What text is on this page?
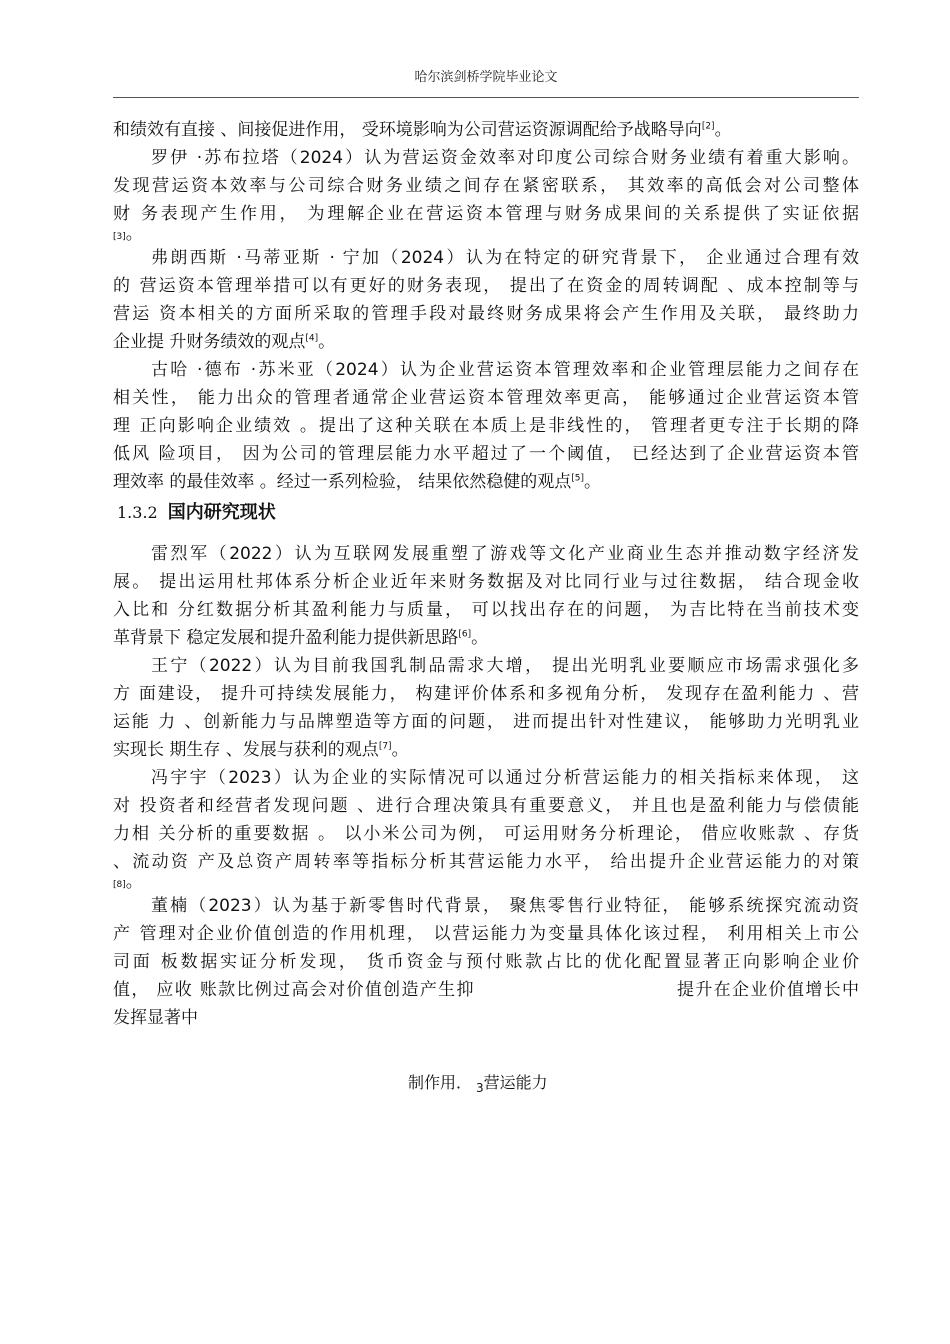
哈尔滨剑桥学院毕业论文
和绩效有直接 、间接促进作用， 受环境影响为公司营运资源调配给予战略导向[2]。
罗伊 ·苏布拉塔（2024）认为营运资金效率对印度公司综合财务业绩有着重大影响。
发现营运资本效率与公司综合财务业绩之间存在紧密联系， 其效率的高低会对公司整体
财 务表现产生作用， 为理解企业在营运资本管理与财务成果间的关系提供了实证依据
[3]。
弗朗西斯 ·马蒂亚斯 · 宁加（2024）认为在特定的研究背景下， 企业通过合理有效
的 营运资本管理举措可以有更好的财务表现， 提出了在资金的周转调配 、成本控制等与
营运 资本相关的方面所采取的管理手段对最终财务成果将会产生作用及关联， 最终助力
企业提 升财务绩效的观点[4]。
古哈 ·德布 ·苏米亚（2024）认为企业营运资本管理效率和企业管理层能力之间存在
相关性， 能力出众的管理者通常企业营运资本管理效率更高， 能够通过企业营运资本管
理 正向影响企业绩效 。提出了这种关联在本质上是非线性的， 管理者更专注于长期的降
低风 险项目， 因为公司的管理层能力水平超过了一个阈值， 已经达到了企业营运资本管
理效率 的最佳效率 。经过一系列检验， 结果依然稳健的观点[5]。
1.3.2 国内研究现状
雷烈军（2022）认为互联网发展重塑了游戏等文化产业商业生态并推动数字经济发
展。 提出运用杜邦体系分析企业近年来财务数据及对比同行业与过往数据， 结合现金收
入比和 分红数据分析其盈利能力与质量， 可以找出存在的问题， 为吉比特在当前技术变
革背景下 稳定发展和提升盈利能力提供新思路[6]。
王宁（2022）认为目前我国乳制品需求大增， 提出光明乳业要顺应市场需求强化多
方 面建设， 提升可持续发展能力， 构建评价体系和多视角分析， 发现存在盈利能力 、营
运能 力 、创新能力与品牌塑造等方面的问题， 进而提出针对性建议， 能够助力光明乳业
实现长 期生存 、发展与获利的观点[7]。
冯宇宇（2023）认为企业的实际情况可以通过分析营运能力的相关指标来体现， 这
对 投资者和经营者发现问题 、进行合理决策具有重要意义， 并且也是盈利能力与偿债能
力相 关分析的重要数据 。 以小米公司为例， 可运用财务分析理论， 借应收账款 、存货
、流动资 产及总资产周转率等指标分析其营运能力水平， 给出提升企业营运能力的对策
[8]。
董楠（2023）认为基于新零售时代背景， 聚焦零售行业特征， 能够系统探究流动资
产 管理对企业价值创造的作用机理， 以营运能力为变量具体化该过程， 利用相关上市公
司面 板数据实证分析发现， 货币资金与预付账款占比的优化配置显著正向影响企业价
值， 应收 账款比例过高会对价值创造产生抑                              提升在企业价值增长中
发挥显著中
制作用． $_3$营运能力
